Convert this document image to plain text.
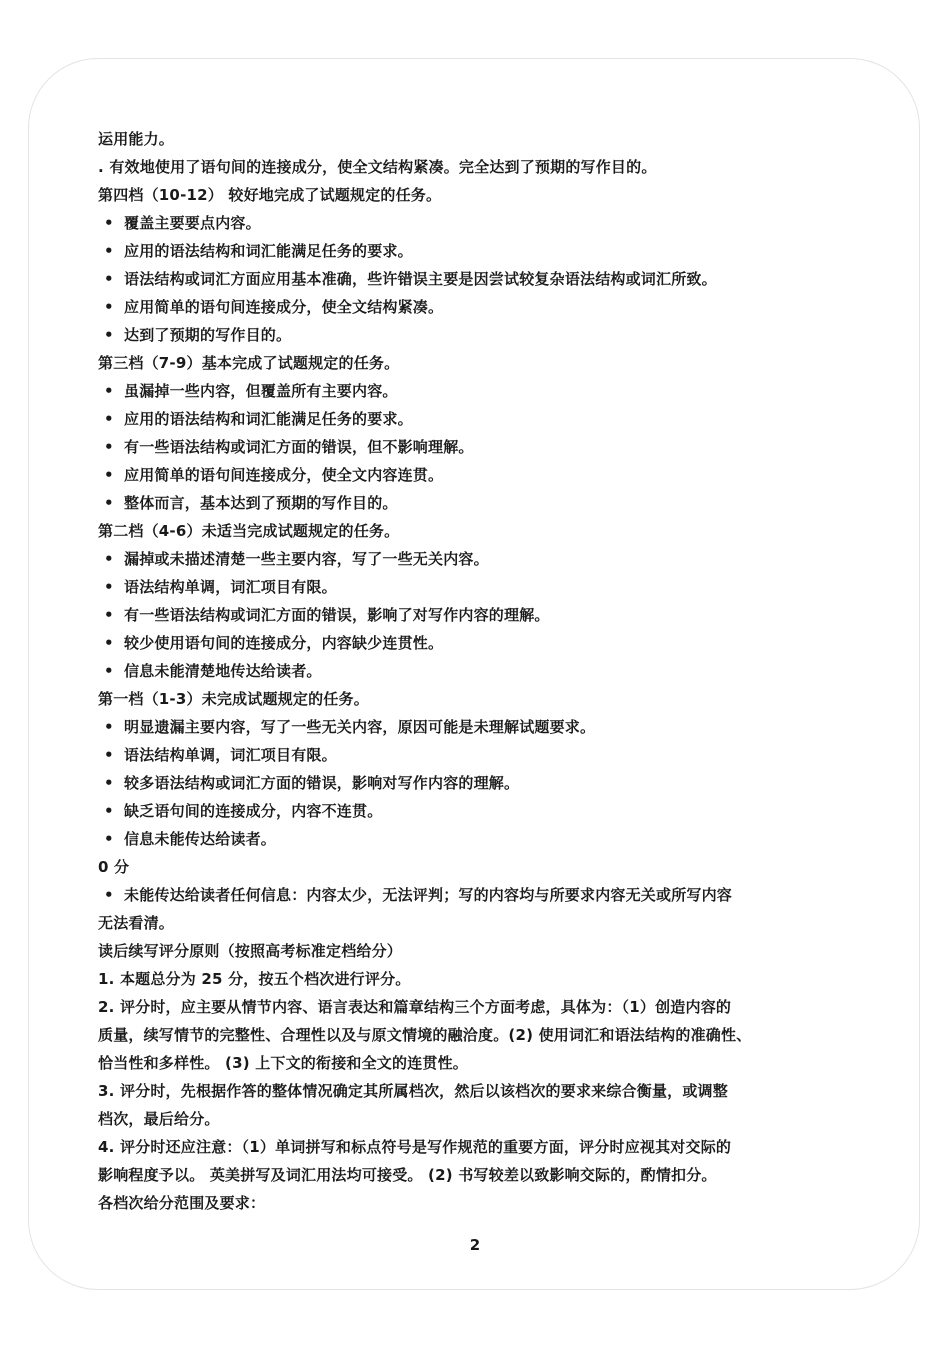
运用能力。
. 有效地使用了语句间的连接成分，使全文结构紧凑。完全达到了预期的写作目的。
第四档（10-12） 较好地完成了试题规定的任务。
• 覆盖主要要点内容。
• 应用的语法结构和词汇能满足任务的要求。
• 语法结构或词汇方面应用基本准确，些许错误主要是因尝试较复杂语法结构或词汇所致。
• 应用简单的语句间连接成分，使全文结构紧凑。
• 达到了预期的写作目的。
第三档（7-9）基本完成了试题规定的任务。
• 虽漏掉一些内容，但覆盖所有主要内容。
• 应用的语法结构和词汇能满足任务的要求。
• 有一些语法结构或词汇方面的错误，但不影响理解。
• 应用简单的语句间连接成分，使全文内容连贯。
• 整体而言，基本达到了预期的写作目的。
第二档（4-6）未适当完成试题规定的任务。
• 漏掉或未描述清楚一些主要内容，写了一些无关内容。
• 语法结构单调，词汇项目有限。
• 有一些语法结构或词汇方面的错误，影响了对写作内容的理解。
• 较少使用语句间的连接成分，内容缺少连贯性。
• 信息未能清楚地传达给读者。
第一档（1-3）未完成试题规定的任务。
• 明显遗漏主要内容，写了一些无关内容，原因可能是未理解试题要求。
• 语法结构单调，词汇项目有限。
• 较多语法结构或词汇方面的错误，影响对写作内容的理解。
• 缺乏语句间的连接成分，内容不连贯。
• 信息未能传达给读者。
0 分
• 未能传达给读者任何信息：内容太少，无法评判；写的内容均与所要求内容无关或所写内容
无法看清。
读后续写评分原则（按照高考标准定档给分）
1. 本题总分为 25 分，按五个档次进行评分。
2. 评分时，应主要从情节内容、语言表达和篇章结构三个方面考虑，具体为：（1）创造内容的
质量，续写情节的完整性、合理性以及与原文情境的融洽度。(2) 使用词汇和语法结构的准确性、
恰当性和多样性。 (3) 上下文的衔接和全文的连贯性。
3. 评分时，先根据作答的整体情况确定其所属档次，然后以该档次的要求来综合衡量，或调整
档次，最后给分。
4. 评分时还应注意：（1）单词拼写和标点符号是写作规范的重要方面，评分时应视其对交际的
影响程度予以。 英美拼写及词汇用法均可接受。 (2) 书写较差以致影响交际的，酌情扣分。
各档次给分范围及要求：
2
